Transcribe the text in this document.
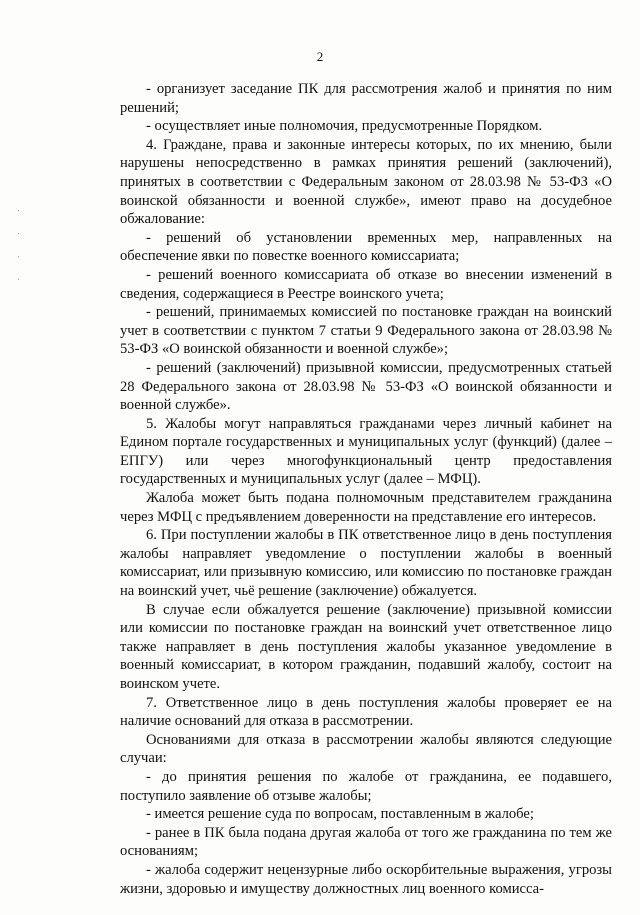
2

- организует заседание ПК для рассмотрения жалоб и принятия по ним решений;

- осуществляет иные полномочия, предусмотренные Порядком.

4. Граждане, права и законные интересы которых, по их мнению, были нарушены непосредственно в рамках принятия решений (заключений), принятых в соответствии с Федеральным законом от 28.03.98 № 53-ФЗ «О воинской обязанности и военной службе», имеют право на досудебное обжалование:

- решений об установлении временных мер, направленных на обеспечение явки по повестке военного комиссариата;

- решений военного комиссариата об отказе во внесении изменений в сведения, содержащиеся в Реестре воинского учета;

- решений, принимаемых комиссией по постановке граждан на воинский учет в соответствии с пунктом 7 статьи 9 Федерального закона от 28.03.98 № 53-ФЗ «О воинской обязанности и военной службе»;

- решений (заключений) призывной комиссии, предусмотренных статьей 28 Федерального закона от 28.03.98 № 53-ФЗ «О воинской обязанности и военной службе».

5. Жалобы могут направляться гражданами через личный кабинет на Едином портале государственных и муниципальных услуг (функций) (далее – ЕПГУ) или через многофункциональный центр предоставления государственных и муниципальных услуг (далее – МФЦ).

Жалоба может быть подана полномочным представителем гражданина через МФЦ с предъявлением доверенности на представление его интересов.

6. При поступлении жалобы в ПК ответственное лицо в день поступления жалобы направляет уведомление о поступлении жалобы в военный комиссариат, или призывную комиссию, или комиссию по постановке граждан на воинский учет, чьё решение (заключение) обжалуется.

В случае если обжалуется решение (заключение) призывной комиссии или комиссии по постановке граждан на воинский учет ответственное лицо также направляет в день поступления жалобы указанное уведомление в военный комиссариат, в котором гражданин, подавший жалобу, состоит на воинском учете.

7. Ответственное лицо в день поступления жалобы проверяет ее на наличие оснований для отказа в рассмотрении.

Основаниями для отказа в рассмотрении жалобы являются следующие случаи:

- до принятия решения по жалобе от гражданина, ее подавшего, поступило заявление об отзыве жалобы;

- имеется решение суда по вопросам, поставленным в жалобе;

- ранее в ПК была подана другая жалоба от того же гражданина по тем же основаниям;

- жалоба содержит нецензурные либо оскорбительные выражения, угрозы жизни, здоровью и имуществу должностных лиц военного комисса-
